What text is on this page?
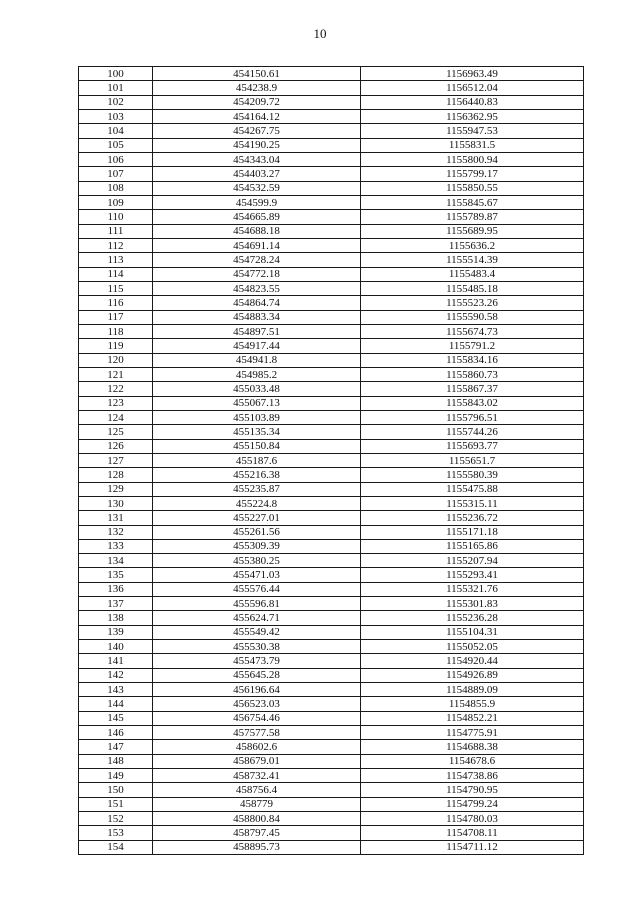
10
100	454150.61	1156963.49
101	454238.9	1156512.04
102	454209.72	1156440.83
103	454164.12	1156362.95
104	454267.75	1155947.53
105	454190.25	1155831.5
106	454343.04	1155800.94
107	454403.27	1155799.17
108	454532.59	1155850.55
109	454599.9	1155845.67
110	454665.89	1155789.87
111	454688.18	1155689.95
112	454691.14	1155636.2
113	454728.24	1155514.39
114	454772.18	1155483.4
115	454823.55	1155485.18
116	454864.74	1155523.26
117	454883.34	1155590.58
118	454897.51	1155674.73
119	454917.44	1155791.2
120	454941.8	1155834.16
121	454985.2	1155860.73
122	455033.48	1155867.37
123	455067.13	1155843.02
124	455103.89	1155796.51
125	455135.34	1155744.26
126	455150.84	1155693.77
127	455187.6	1155651.7
128	455216.38	1155580.39
129	455235.87	1155475.88
130	455224.8	1155315.11
131	455227.01	1155236.72
132	455261.56	1155171.18
133	455309.39	1155165.86
134	455380.25	1155207.94
135	455471.03	1155293.41
136	455576.44	1155321.76
137	455596.81	1155301.83
138	455624.71	1155236.28
139	455549.42	1155104.31
140	455530.38	1155052.05
141	455473.79	1154920.44
142	455645.28	1154926.89
143	456196.64	1154889.09
144	456523.03	1154855.9
145	456754.46	1154852.21
146	457577.58	1154775.91
147	458602.6	1154688.38
148	458679.01	1154678.6
149	458732.41	1154738.86
150	458756.4	1154790.95
151	458779	1154799.24
152	458800.84	1154780.03
153	458797.45	1154708.11
154	458895.73	1154711.12
